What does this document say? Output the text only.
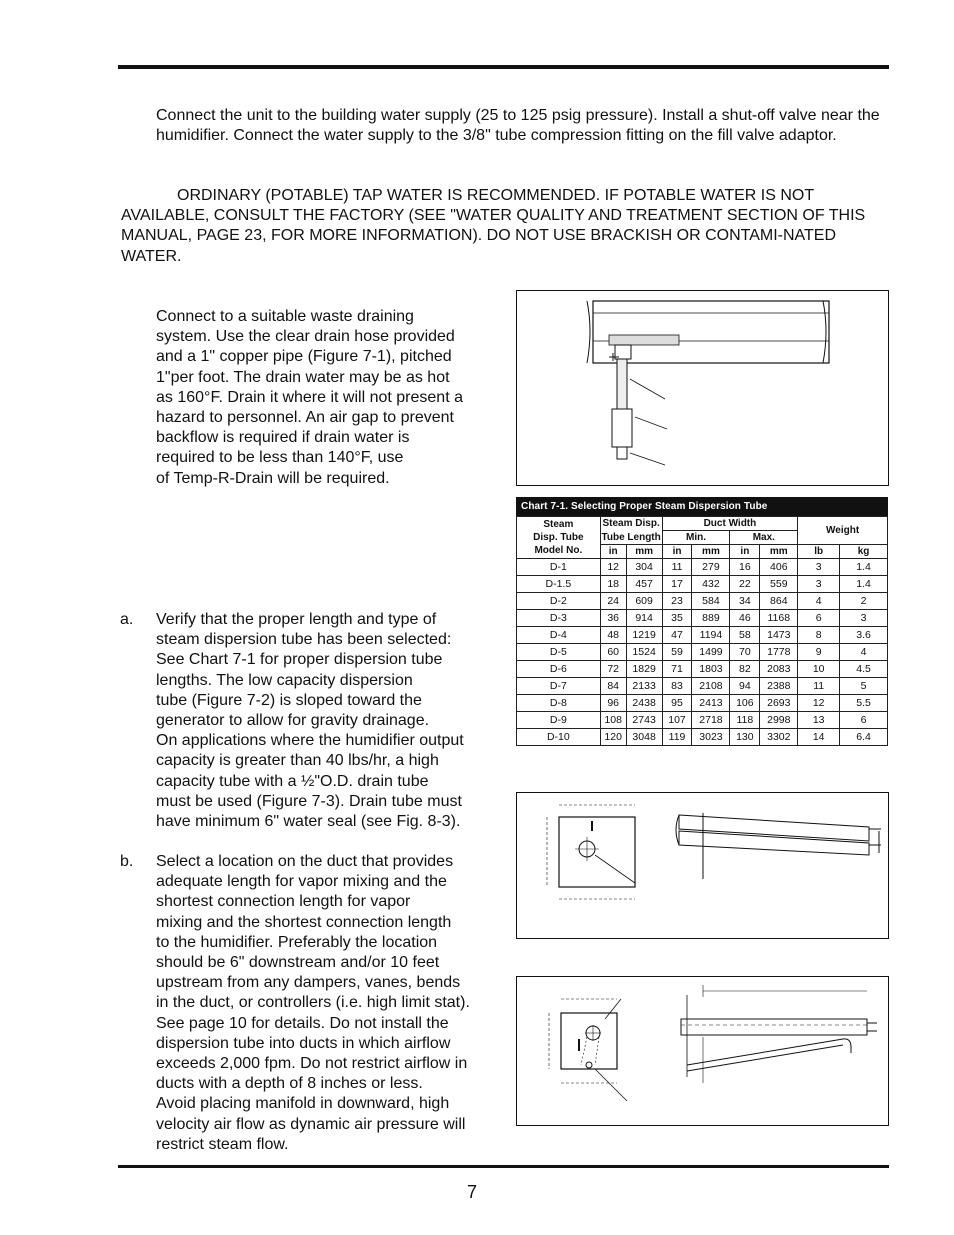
Connect the unit to the building water supply (25 to 125 psig pressure). Install a shut-off valve near the humidifier. Connect the water supply to the 3/8" tube compression fitting on the fill valve adaptor.
ORDINARY (POTABLE) TAP WATER IS RECOMMENDED. IF POTABLE WATER IS NOT AVAILABLE, CONSULT THE FACTORY (SEE "WATER QUALITY AND TREATMENT SECTION OF THIS MANUAL, PAGE 23, FOR MORE INFORMATION). DO NOT USE BRACKISH OR CONTAMI-NATED WATER.
Connect to a suitable waste draining
system. Use the clear drain hose provided
and a 1" copper pipe (Figure 7-1), pitched
1"per foot. The drain water may be as hot
as 160°F. Drain it where it will not present a
hazard to personnel. An air gap to prevent
backflow is required if drain water is
required to be less than 140°F, use
of Temp-R-Drain will be required.
a. Verify that the proper length and type of
steam dispersion tube has been selected:
See Chart 7-1 for proper dispersion tube
lengths. The low capacity dispersion
tube (Figure 7-2) is sloped toward the
generator to allow for gravity drainage.
On applications where the humidifier output
capacity is greater than 40 lbs/hr, a high
capacity tube with a ½"O.D. drain tube
must be used (Figure 7-3). Drain tube must
have minimum 6" water seal (see Fig. 8-3).
b. Select a location on the duct that provides
adequate length for vapor mixing and the
shortest connection length for vapor
mixing and the shortest connection length
to the humidifier. Preferably the location
should be 6" downstream and/or 10 feet
upstream from any dampers, vanes, bends
in the duct, or controllers (i.e. high limit stat).
See page 10 for details. Do not install the
dispersion tube into ducts in which airflow
exceeds 2,000 fpm. Do not restrict airflow in
ducts with a depth of 8 inches or less.
Avoid placing manifold in downward, high
velocity air flow as dynamic air pressure will
restrict steam flow.
Chart 7-1. Selecting Proper Steam Dispersion Tube
Steam
Disp. Tube
Model No.	Steam Disp.		Duct Width				Weight	
	Tube Length		Min.		Max.			
	in	mm	in	mm	in	mm	lb	kg
D-1	12	304	11	279	16	406	3	1.4
D-1.5	18	457	17	432	22	559	3	1.4
D-2	24	609	23	584	34	864	4	2
D-3	36	914	35	889	46	1168	6	3
D-4	48	1219	47	1194	58	1473	8	3.6
D-5	60	1524	59	1499	70	1778	9	4
D-6	72	1829	71	1803	82	2083	10	4.5
D-7	84	2133	83	2108	94	2388	11	5
D-8	96	2438	95	2413	106	2693	12	5.5
D-9	108	2743	107	2718	118	2998	13	6
D-10	120	3048	119	3023	130	3302	14	6.4
7
